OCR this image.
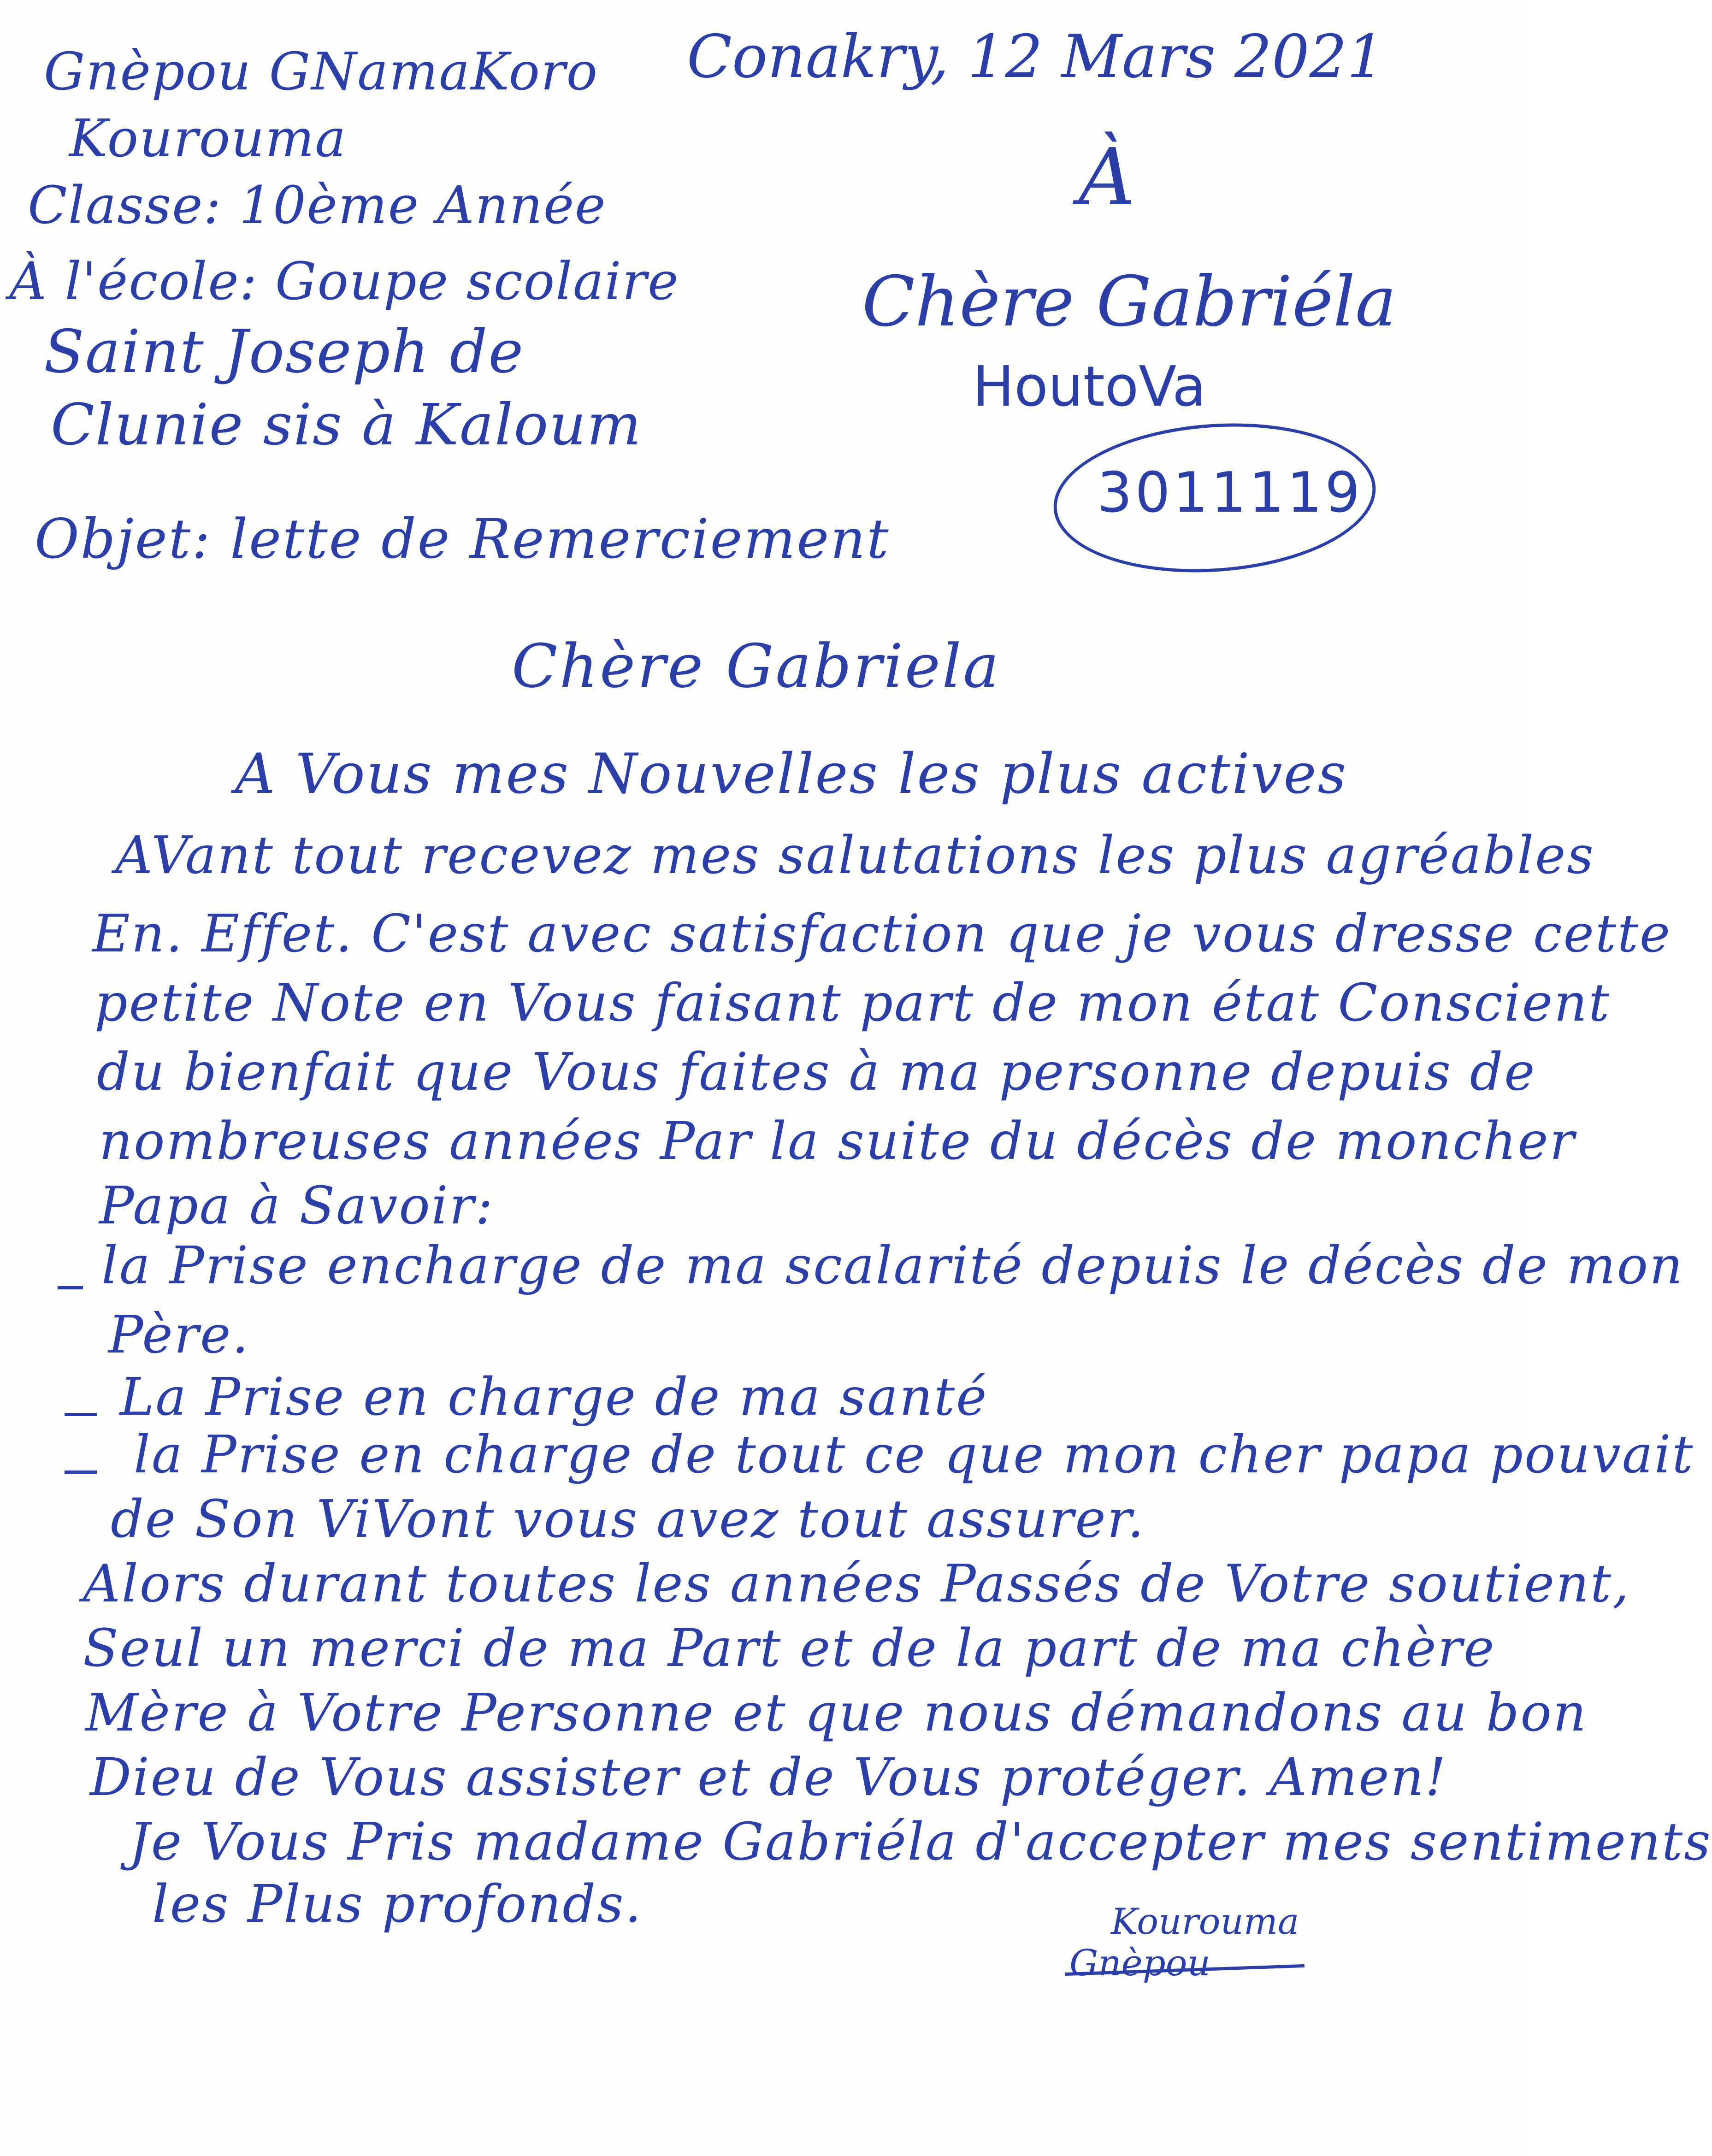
Gnèpou GNamaKoro
Kourouma
Classe: 10ème Année
À l'école: Goupe scolaire
Saint Joseph de
Clunie sis à Kaloum
Conakry, 12 Mars 2021
À
Chère Gabriéla
HoutoVa
3011119
Objet: lette de Remerciement
Chère Gabriela
A Vous mes Nouvelles les plus actives
AVant tout recevez mes salutations les plus agréables
En. Effet. C'est avec satisfaction que je vous dresse cette
petite Note en Vous faisant part de mon état Conscient
du bienfait que Vous faites à ma personne depuis de
nombreuses années Par la suite du décès de moncher
Papa à Savoir:
la Prise encharge de ma scalarité depuis le décès de mon
Père.
La Prise en charge de ma santé
la Prise en charge de tout ce que mon cher papa pouvait
de Son ViVont vous avez tout assurer.
Alors durant toutes les années Passés de Votre soutient,
Seul un merci de ma Part et de la part de ma chère
Mère à Votre Personne et que nous démandons au bon
Dieu de Vous assister et de Vous protéger. Amen!
Je Vous Pris madame Gabriéla d'accepter mes sentiments
les Plus profonds.	Kourouma
Gnèpou
